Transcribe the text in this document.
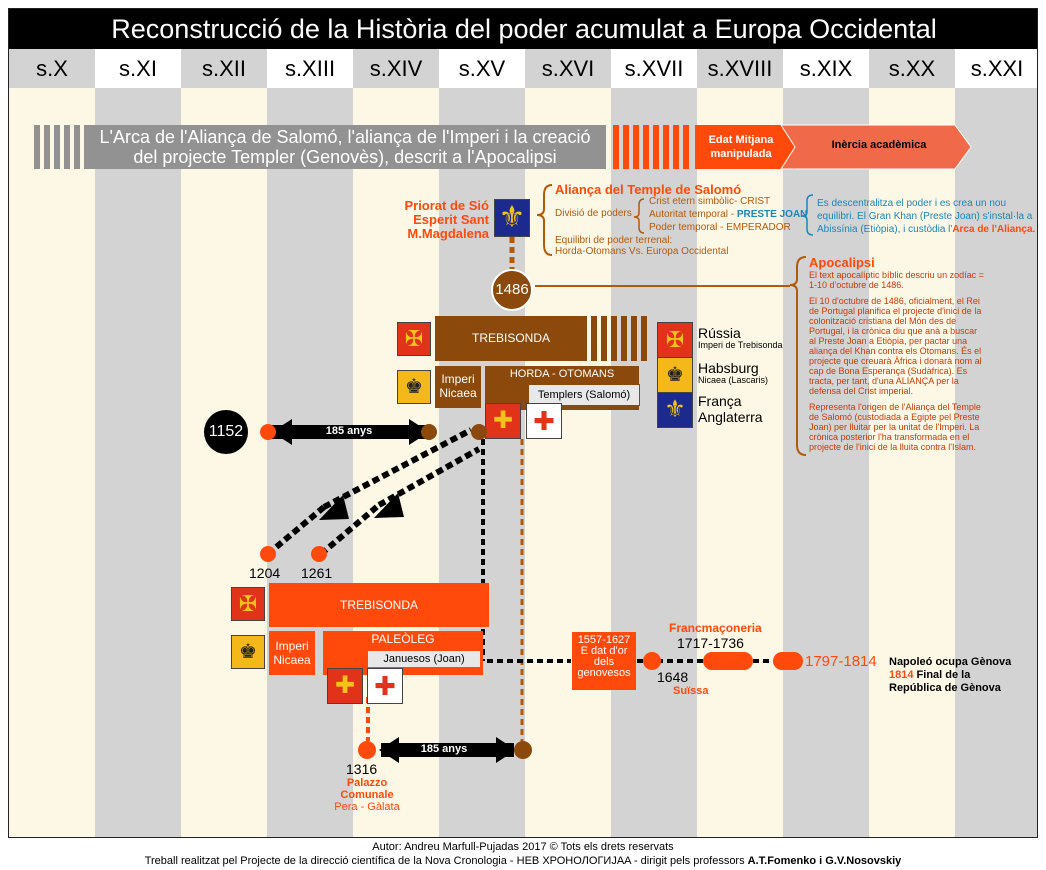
Reconstrucció de la Història del poder acumulat a Europa Occidental
s.X	s.XI	s.XII	s.XIII	s.XIV	s.XV	s.XVI	s.XVII	s.XVIII	s.XIX	s.XX	s.XXI
L'Arca de l'Aliança de Salomó, l'aliança de l'Imperi i la creació
del projecte Templer (Genovès), descrit a l'Apocalipsi
Edat Mitjana
manipulada
Inèrcia acadèmica
Priorat de Sió
Esperit Sant
M.Magdalena ⚜
Aliança del Temple de Salomó
Divisió de poders
Crist etern simbòlic- CRIST
Autoritat temporal - PRESTE JOAN
Poder temporal - EMPERADOR
Equilibri de poder terrenal:
Horda-Otomans Vs. Europa Occidental
Es descentralitza el poder i es crea un nou
equilibri. El Gran Khan (Preste Joan) s'instal·la a
Abissínia (Etiòpia), i custòdia l'Arca de l'Aliança.
Apocalipsi
El text apocalíptic bíblic descriu un zodíac =
1-10 d'octubre de 1486.
El 10 d'octubre de 1486, oficialment, el Rei
de Portugal planifica el projecte d'inici de la
colonització cristiana del Món des de
Portugal, i la crònica diu que anà a buscar
al Preste Joan a Etiòpia, per pactar una
aliança del Khan contra els Otomans. És el
projecte que creuarà Àfrica i donarà nom al
cap de Bona Esperança (Sudàfrica). Es
tracta, per tant, d'una ALIANÇA per la
defensa del Crist imperial.
Representa l'origen de l'Aliança del Temple
de Salomó (custodiada a Egipte pel Preste
Joan) per lluitar per la unitat de l'Imperi. La
crònica posterior l'ha transformada en el
projecte de l'inici de la lluita contra l'Islam.
1486
✠	TREBISONDA
♚	Imperi
Nicaea
HORDA - OTOMANS
Templers (Salomó)
✚ ✚
✠
♚
⚜
Rússia
Imperi de Trebisonda
Habsburg
Nicaea (Lascaris)
França
Anglaterra
1152	185 anys
1204 1261
✠	TREBISONDA
♚	Imperi
Nicaea
PALEÒLEG
Januesos (Joan)
✚ ✚
185 anys
1316
Palazzo
Comunale
Pera - Gàlata
1557-1627
E dat d'or
dels
genovesos	1648
Suïssa
Francmaçoneria
1717-1736
1797-1814 Napoleó ocupa Gènova
1814 Final de la
República de Gènova
Autor: Andreu Marfull-Pujadas 2017 © Tots els drets reservats
Treball realitzat pel Projecte de la direcció científica de la Nova Cronologia - НЕВ ХРОНОЛОГИЈАA - dirigit pels professors A.T.Fomenko i G.V.Nosovskiy
